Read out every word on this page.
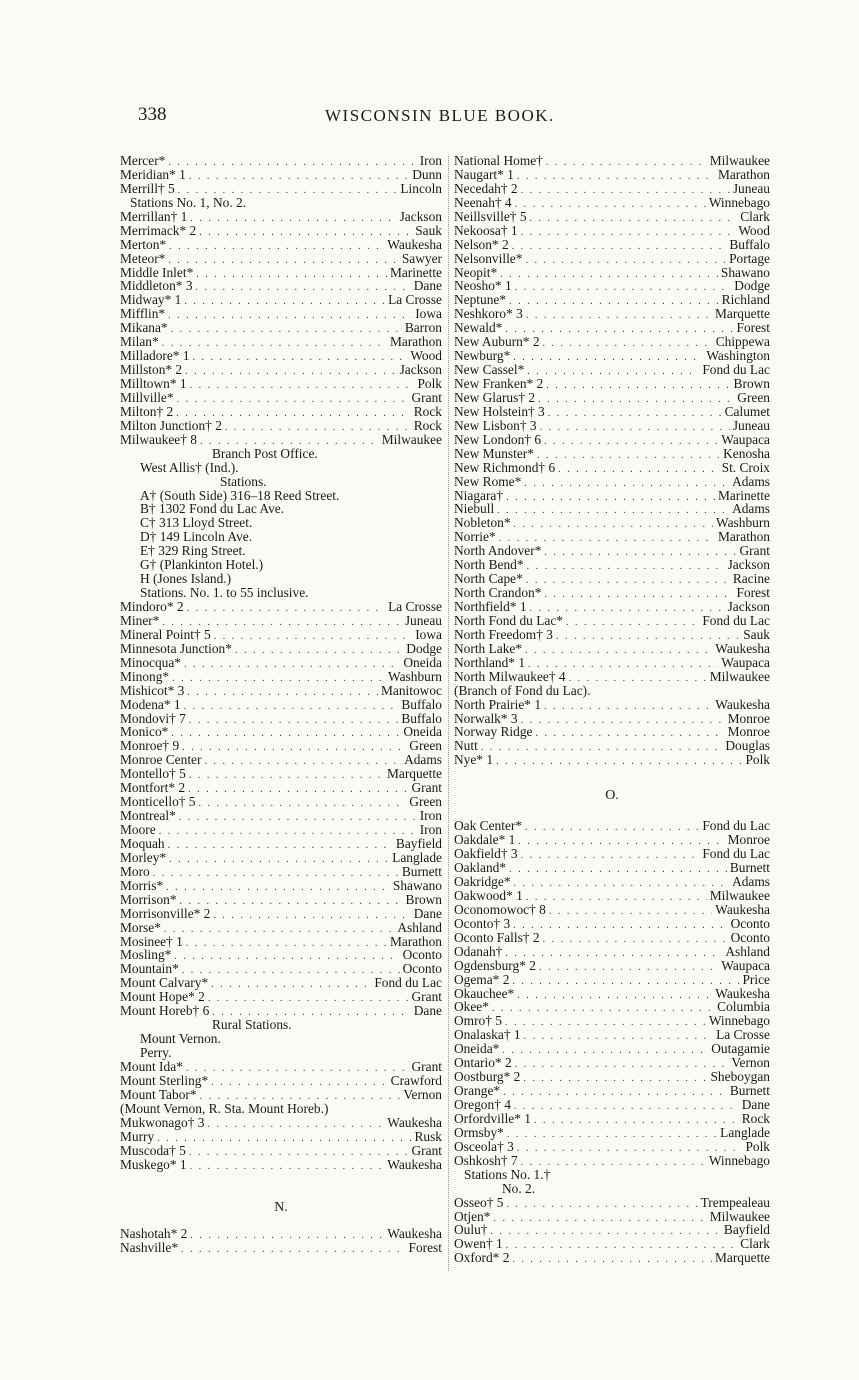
338	WISCONSIN BLUE BOOK.
Mercer* . . .	Iron
Meridian* 1 . . .	Dunn
Merrill† 5 . . .	Lincoln
Stations No. 1, No. 2.
Merrillan† 1 . . .	Jackson
Merrimack* 2 . . .	Sauk
Merton* . . .	Waukesha
Meteor* . . .	Sawyer
Middle Inlet* . . .	Marinette
Middleton* 3 . . .	Dane
Midway* 1 . . .	La Crosse
Mifflin* . . .	Iowa
Mikana* . . .	Barron
Milan* . . .	Marathon
Milladore* 1 . . .	Wood
Millston* 2 . . .	Jackson
Milltown* 1 . . .	Polk
Millville* . . .	Grant
Milton† 2 . . .	Rock
Milton Junction† 2 . . .	Rock
Milwaukee† 8 . . .	Milwaukee
Branch Post Office.
West Allis† (Ind.).
Stations.
A† (South Side) 316–18 Reed Street.
B† 1302 Fond du Lac Ave.
C† 313 Lloyd Street.
D† 149 Lincoln Ave.
E† 329 Ring Street.
G† (Plankinton Hotel.)
H (Jones Island.)
Stations. No. 1. to 55 inclusive.
Mindoro* 2 . . .	La Crosse
Miner* . . .	Juneau
Mineral Point† 5 . . .	Iowa
Minnesota Junction* . . .	Dodge
Minocqua* . . .	Oneida
Minong* . . .	Washburn
Mishicot* 3 . . .	Manitowoc
Modena* 1 . . .	Buffalo
Mondovi† 7 . . .	Buffalo
Monico* . . .	Oneida
Monroe† 9 . . .	Green
Monroe Center . . .	Adams
Montello† 5 . . .	Marquette
Montfort* 2 . . .	Grant
Monticello† 5 . . .	Green
Montreal* . . .	Iron
Moore . . .	Iron
Moquah . . .	Bayfield
Morley* . . .	Langlade
Moro . . .	Burnett
Morris* . . .	Shawano
Morrison* . . .	Brown
Morrisonville* 2 . . .	Dane
Morse* . . .	Ashland
Mosinee† 1 . . .	Marathon
Mosling* . . .	Oconto
Mountain* . . .	Oconto
Mount Calvary* . . .	Fond du Lac
Mount Hope* 2 . . .	Grant
Mount Horeb† 6 . . .	Dane
Rural Stations.
Mount Vernon.
Perry.
Mount Ida* . . .	Grant
Mount Sterling* . . .	Crawford
Mount Tabor* . . .	Vernon
(Mount Vernon, R. Sta. Mount Horeb.)
Mukwonago† 3 . . .	Waukesha
Murry . . .	Rusk
Muscoda† 5 . . .	Grant
Muskego* 1 . . .	Waukesha
N.
Nashotah* 2 . . .	Waukesha
Nashville* . . .	Forest
National Home† . . .	Milwaukee
Naugart* 1 . . .	Marathon
Necedah† 2 . . .	Juneau
Neenah† 4 . . .	Winnebago
Neillsville† 5 . . .	Clark
Nekoosa† 1 . . .	Wood
Nelson* 2 . . .	Buffalo
Nelsonville* . . .	Portage
Neopit* . . .	Shawano
Neosho* 1 . . .	Dodge
Neptune* . . .	Richland
Neshkoro* 3 . . .	Marquette
Newald* . . .	Forest
New Auburn* 2 . . .	Chippewa
Newburg* . . .	Washington
New Cassel* . . .	Fond du Lac
New Franken* 2 . . .	Brown
New Glarus† 2 . . .	Green
New Holstein† 3 . . .	Calumet
New Lisbon† 3 . . .	Juneau
New London† 6 . . .	Waupaca
New Munster* . . .	Kenosha
New Richmond† 6 . . .	St. Croix
New Rome* . . .	Adams
Niagara† . . .	Marinette
Niebull . . .	Adams
Nobleton* . . .	Washburn
Norrie* . . .	Marathon
North Andover* . . .	Grant
North Bend* . . .	Jackson
North Cape* . . .	Racine
North Crandon* . . .	Forest
Northfield* 1 . . .	Jackson
North Fond du Lac* . . .	Fond du Lac
North Freedom† 3 . . .	Sauk
North Lake* . . .	Waukesha
Northland* 1 . . .	Waupaca
North Milwaukee† 4 . . .	Milwaukee
(Branch of Fond du Lac).
North Prairie* 1 . . .	Waukesha
Norwalk* 3 . . .	Monroe
Norway Ridge . . .	Monroe
Nutt . . .	Douglas
Nye* 1 . . .	Polk
O.
Oak Center* . . .	Fond du Lac
Oakdale* 1 . . .	Monroe
Oakfield† 3 . . .	Fond du Lac
Oakland* . . .	Burnett
Oakridge* . . .	Adams
Oakwood* 1 . . .	Milwaukee
Oconomowoc† 8 . . .	Waukesha
Oconto† 3 . . .	Oconto
Oconto Falls† 2 . . .	Oconto
Odanah† . . .	Ashland
Ogdensburg* 2 . . .	Waupaca
Ogema* 2 . . .	Price
Okauchee* . . .	Waukesha
Okee* . . .	Columbia
Omro† 5 . . .	Winnebago
Onalaska† 1 . . .	La Crosse
Oneida* . . .	Outagamie
Ontario* 2 . . .	Vernon
Oostburg* 2 . . .	Sheboygan
Orange* . . .	Burnett
Oregon† 4 . . .	Dane
Orfordville* 1 . . .	Rock
Ormsby* . . .	Langlade
Osceola† 3 . . .	Polk
Oshkosh† 7 . . .	Winnebago
Stations No. 1.†
No. 2.
Osseo† 5 . . .	Trempealeau
Otjen* . . .	Milwaukee
Oulu† . . .	Bayfield
Owen† 1 . . .	Clark
Oxford* 2 . . .	Marquette
